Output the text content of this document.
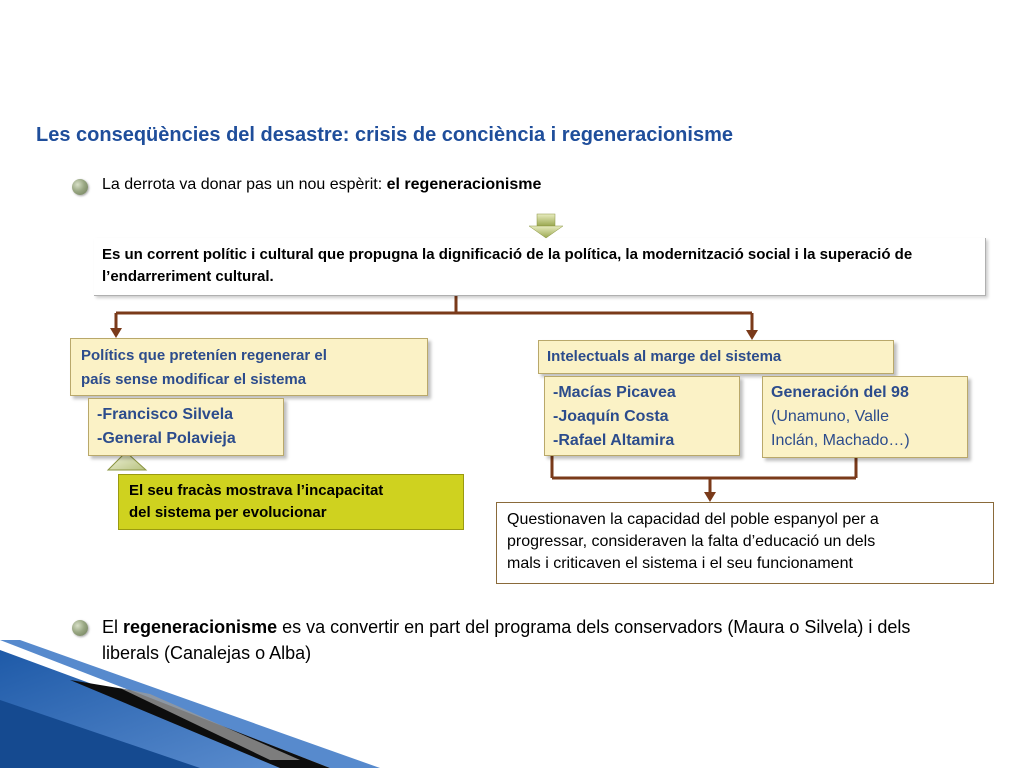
Les conseqüències del desastre: crisis de conciència i regeneracionisme
La derrota va donar pas un nou espèrit: el regeneracionisme
Es un corrent polític i cultural que propugna la dignificació de la política, la modernització social i la superació de l’endarreriment cultural.
Polítics que preteníen regenerar el
país sense modificar el sistema
Intelectuals al marge del sistema
-Francisco Silvela
-General Polavieja
-Macías Picavea
-Joaquín Costa
-Rafael Altamira
Generación del 98
(Unamuno, Valle
Inclán, Machado…)
El seu fracàs mostrava l’incapacitat
del sistema per evolucionar	Questionaven la capacidad del poble espanyol per a
progressar, consideraven la falta d’educació un dels
mals i criticaven el sistema i el seu funcionament
El regeneracionisme es va convertir en part del programa dels conservadors (Maura o Silvela) i dels liberals (Canalejas o Alba)
